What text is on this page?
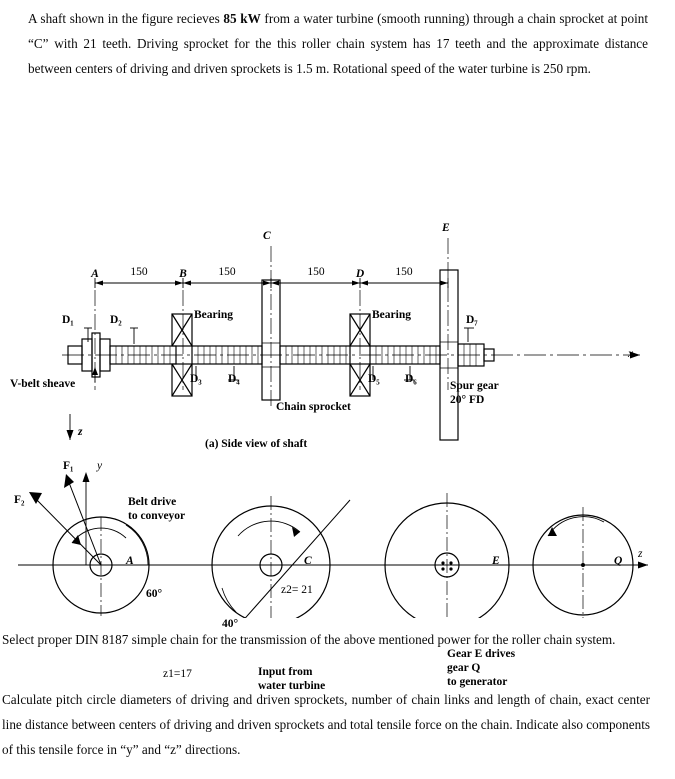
A shaft shown in the figure recieves 85 kW from a water turbine (smooth running) through a chain sprocket at point “C” with 21 teeth. Driving sprocket for the this roller chain system has 17 teeth and the approximate distance between centers of driving and driven sprockets is 1.5 m. Rotational speed of the water turbine is 250 rpm.
A	B
C
D
E
150	150	150	150
D₁	D₂
D₃ D₄	D₅ D₆
D₇
Bearing	Bearing
V-belt sheave
Chain sprocket
Spur gear
20° FD
x
z
(a) Side view of shaft
F₁
F₂
y
Belt drive
to conveyor
60°
40°
z1=17
z2= 21
Input from
water turbine
Gear E drives
gear Q
to generator
A	C	E	Q
z
Select proper DIN 8187 simple chain for the transmission of the above mentioned power for the roller chain system.
Calculate pitch circle diameters of driving and driven sprockets, number of chain links and length of chain, exact center line distance between centers of driving and driven sprockets and total tensile force on the chain. Indicate also components of this tensile force in “y” and “z” directions.
